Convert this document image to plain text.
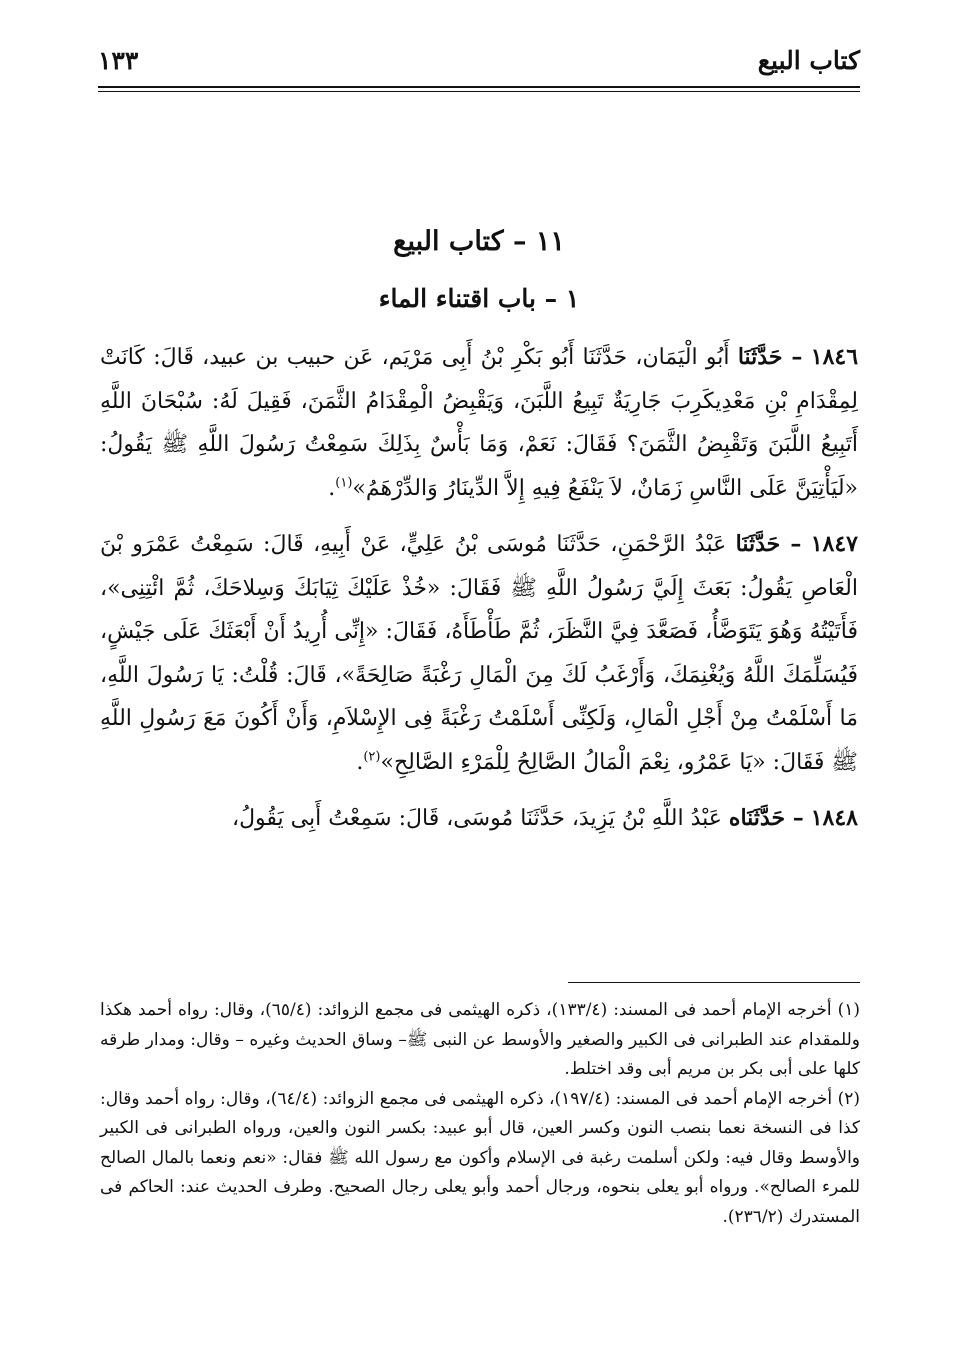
كتاب البيع
١٣٣
١١ – كتاب البيع
١ – باب اقتناء الماء

١٨٤٦ – حَدَّثَنَا أَبُو الْيَمَان، حَدَّثَنَا أَبُو بَكْرِ بْنُ أَبِى مَرْيَم، عَن حبيب بن عبيد، قَالَ: كَانَتْ لِمِقْدَامِ بْنِ مَعْدِيكَرِبَ جَارِيَةٌ تَبِيعُ اللَّبَنَ، وَيَقْبِضُ الْمِقْدَامُ الثَّمَنَ، فَقِيلَ لَهُ: سُبْحَانَ اللَّهِ أَتَبِيعُ اللَّبَنَ وَتَقْبِضُ الثَّمَنَ؟ فَقَالَ: نَعَمْ، وَمَا بَأْسٌ بِذَلِكَ سَمِعْتُ رَسُولَ اللَّهِ ﷺ يَقُولُ: «لَيَأْتِيَنَّ عَلَى النَّاسِ زَمَانٌ، لاَ يَنْفَعُ فِيهِ إِلاَّ الدِّينَارُ وَالدِّرْهَمُ»$^{(١)}$.

١٨٤٧ – حَدَّثَنَا عَبْدُ الرَّحْمَنِ، حَدَّثَنَا مُوسَى بْنُ عَلِيٍّ، عَنْ أَبِيهِ، قَالَ: سَمِعْتُ عَمْرَو بْنَ الْعَاصِ يَقُولُ: بَعَثَ إِلَيَّ رَسُولُ اللَّهِ ﷺ فَقَالَ: «خُذْ عَلَيْكَ ثِيَابَكَ وَسِلاحَكَ، ثُمَّ ائْتِنِى»، فَأَتَيْتُهُ وَهُوَ يَتَوَضَّأُ، فَصَعَّدَ فِيَّ النَّظَرَ، ثُمَّ طَأْطَأَهُ، فَقَالَ: «إِنِّى أُرِيدُ أَنْ أَبْعَثَكَ عَلَى جَيْشٍ، فَيُسَلِّمَكَ اللَّهُ وَيُغْنِمَكَ، وَأَرْغَبُ لَكَ مِنَ الْمَالِ رَغْبَةً صَالِحَةً»، قَالَ: قُلْتُ: يَا رَسُولَ اللَّهِ، مَا أَسْلَمْتُ مِنْ أَجْلِ الْمَالِ، وَلَكِنِّى أَسْلَمْتُ رَغْبَةً فِى الإِسْلاَمِ، وَأَنْ أَكُونَ مَعَ رَسُولِ اللَّهِ ﷺ فَقَالَ: «يَا عَمْرُو، نِعْمَ الْمَالُ الصَّالِحُ لِلْمَرْءِ الصَّالِحِ»$^{(٢)}$.

١٨٤٨ – حَدَّثَنَاه عَبْدُ اللَّهِ بْنُ يَزِيدَ، حَدَّثَنَا مُوسَى، قَالَ: سَمِعْتُ أَبِى يَقُولُ،

(١) أخرجه الإمام أحمد فى المسند: (١٣٣/٤)، ذكره الهيثمى فى مجمع الزوائد: (٦٥/٤)، وقال: رواه أحمد هكذا وللمقدام عند الطبرانى فى الكبير والصغير والأوسط عن النبى ﷺ– وساق الحديث وغيره – وقال: ومدار طرقه كلها على أبى بكر بن مريم أبى وقد اختلط.

(٢) أخرجه الإمام أحمد فى المسند: (١٩٧/٤)، ذكره الهيثمى فى مجمع الزوائد: (٦٤/٤)، وقال: رواه أحمد وقال: كذا فى النسخة نعما بنصب النون وكسر العين، قال أبو عبيد: بكسر النون والعين، ورواه الطبرانى فى الكبير والأوسط وقال فيه: ولكن أسلمت رغبة فى الإسلام وأكون مع رسول الله ﷺ فقال: «نعم ونعما بالمال الصالح للمرء الصالح». ورواه أبو يعلى بنحوه، ورجال أحمد وأبو يعلى رجال الصحيح. وطرف الحديث عند: الحاكم فى المستدرك (٢٣٦/٢).
